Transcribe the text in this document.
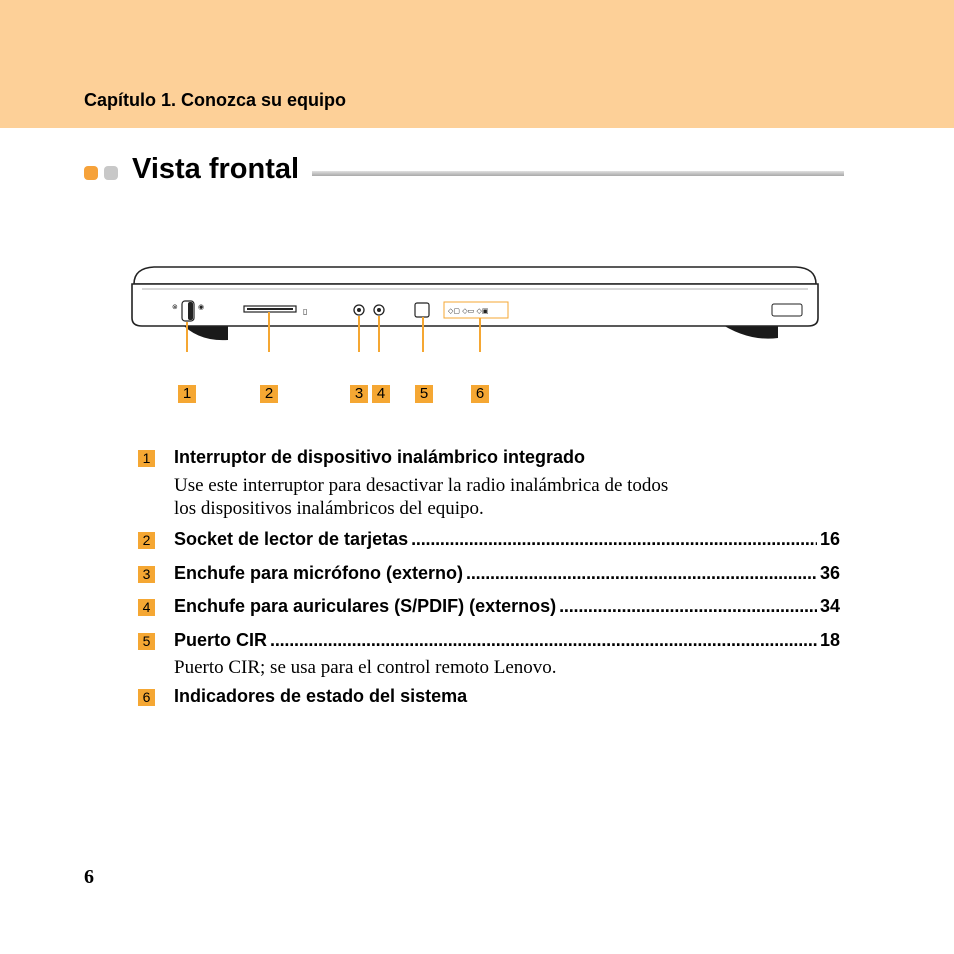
Capítulo 1. Conozca su equipo
Vista frontal
⊗	◉	▯	◇▢ ◇▭ ◇▣
1	2	3 4	5	6
1 Interruptor de dispositivo inalámbrico integrado
Use este interruptor para desactivar la radio inalámbrica de todos
los dispositivos inalámbricos del equipo.
2 Socket de lector de tarjetas . . .	16
3 Enchufe para micrófono (externo) . . .	36
4 Enchufe para auriculares (S/PDIF) (externos) . . .	34
5 Puerto CIR . . .	18
Puerto CIR; se usa para el control remoto Lenovo.
6 Indicadores de estado del sistema
6
